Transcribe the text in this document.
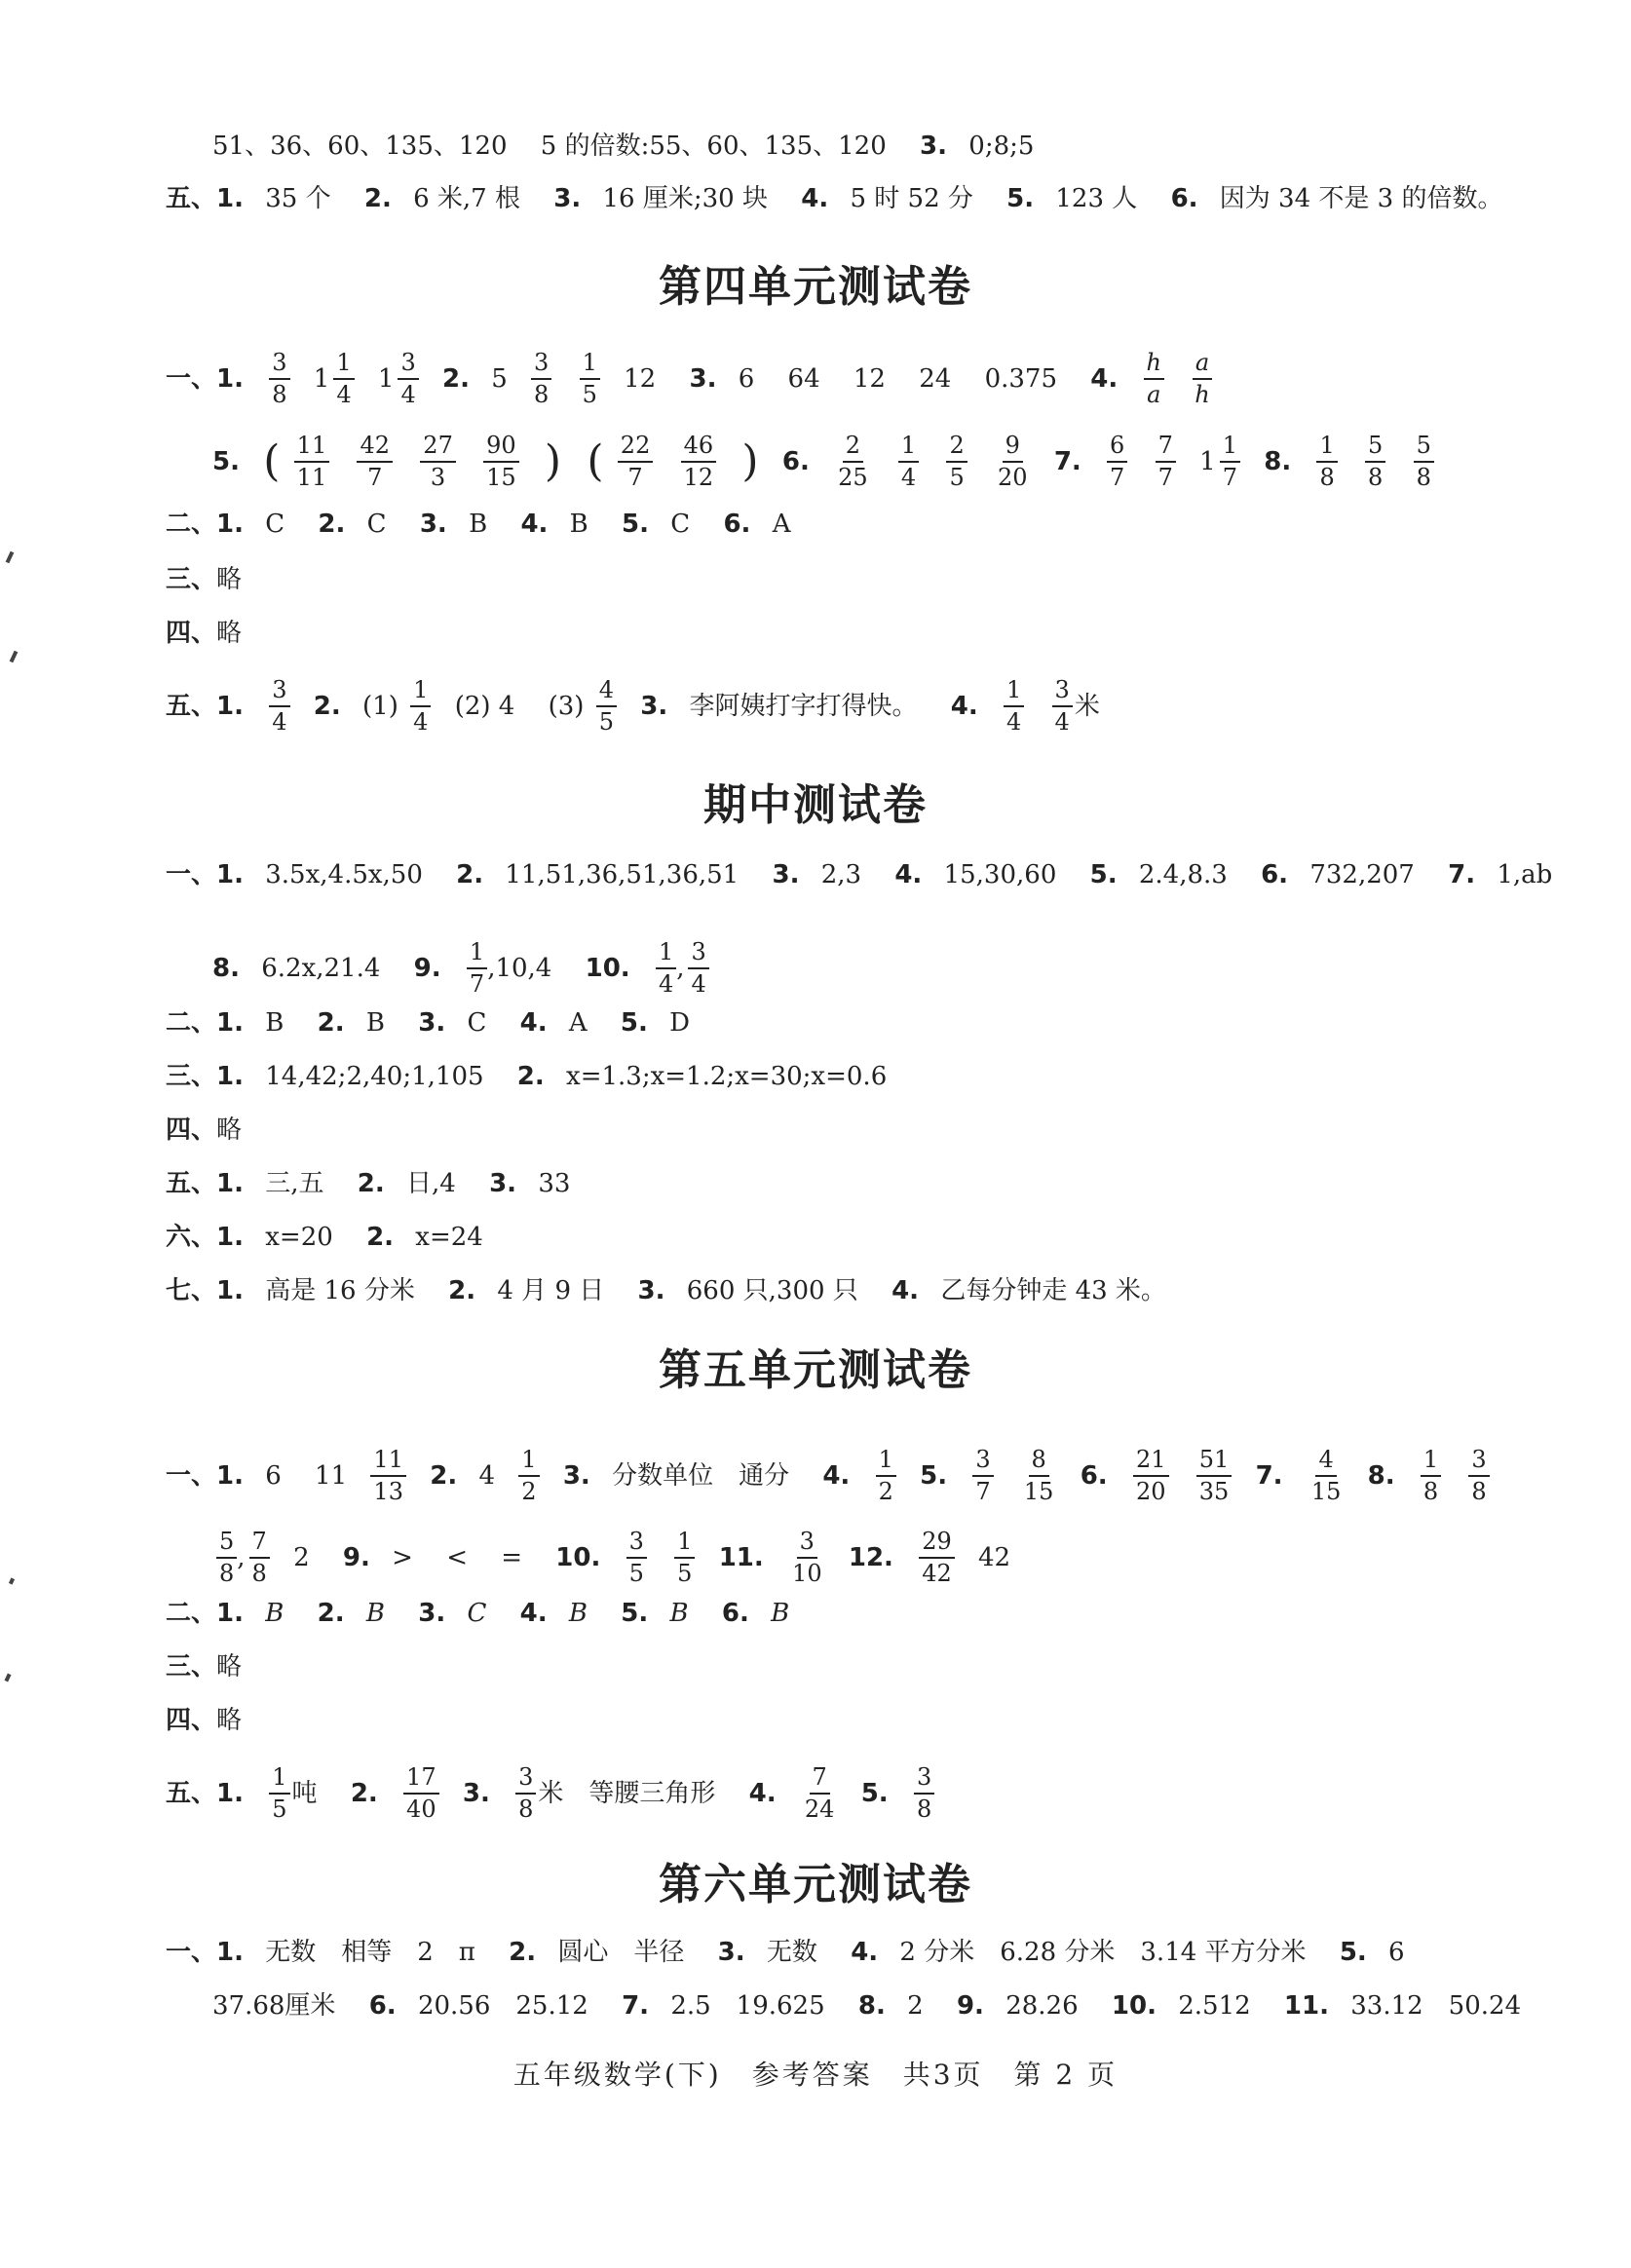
51、36、60、135、120 5 的倍数:55、60、135、120 3. 0;8;5
五、1. 35 个 2. 6 米,7 根 3. 16 厘米;30 块 4. 5 时 52 分 5. 123 人 6. 因为 34 不是 3 的倍数。
第四单元测试卷
一、1. $\frac{3}{8} 1 \frac{1}{4} 1 \frac{3}{4} 2$. $5 \frac{3}{8}$
$\frac{1}{5} 12$ 3. 6　 64　 12　 24　 0.375 4. $\frac{h}{a}$
$\frac{a}{h}$
5. ( $\frac{11}{11}$
$\frac{42}{7}$
$\frac{27}{3}$
$\frac{90}{15}$ ) ( $\frac{22}{7}$
$\frac{46}{12}$ ) 6. $\frac{2}{25}$
$\frac{1}{4}$
$\frac{2}{5}$
$\frac{9}{20} 7$. $\frac{6}{7}$
$\frac{7}{7} 1 \frac{1}{7} 8$. $\frac{1}{8}$
$\frac{5}{8}$
$\frac{5}{8}$
二、1. C 2. C 3. B 4. B 5. C 6. A
三、略
四、略
五、1. $\frac{3}{4} 2$. $(1) \frac{1}{4} (2)$ 4 $(3) \frac{4}{5} 3$. 李阿姨打字打得快。 4. $\frac{1}{4}$
$\frac{3}{4}$ 米
期中测试卷
一、1. 3.5x,4.5x,50 2. 11,51,36,51,36,51 3. 2,3 4. 15,30,60 5. 2.4,8.3 6. 732,207 7. 1,ab
8. 6.2x,21.4 9. $\frac{1}{7} ,10,4$ 10. $\frac{1}{4}$ , $\frac{3}{4}$
二、1. B 2. B 3. C 4. A 5. D
三、1. 14,42;2,40;1,105 2. x=1.3;x=1.2;x=30;x=0.6
四、略
五、1. 三,五 2. 日,4 3. 33
六、1. x=20 2. x=24
七、1. 高是 16 分米 2. 4 月 9 日 3. 660 只,300 只 4. 乙每分钟走 43 米。
第五单元测试卷
一、1. 6　 $11 \frac{11}{13} 2$. $4 \frac{1}{2} 3$. 分数单位　通分 4. $\frac{1}{2} 5$. $\frac{3}{7}$
$\frac{8}{15} 6$. $\frac{21}{20}$
$\frac{51}{35} 7$. $\frac{4}{15} 8$. $\frac{1}{8}$
$\frac{3}{8}$
$\frac{5}{8}$ , $\frac{7}{8} 2$ 9. >　 <　 = 10. $\frac{3}{5}$
$\frac{1}{5} 11$. $\frac{3}{10} 12$. $\frac{29}{42} 42$
二、1. B 2. B 3. C 4. B 5. B 6. B
三、略
四、略
五、1. $\frac{1}{5}$ 吨 2. $\frac{17}{40} 3$. $\frac{3}{8}$ 米　等腰三角形 4. $\frac{7}{24} 5$. $\frac{3}{8}$
第六单元测试卷
一、1. 无数　相等　2　π 2. 圆心　半径 3. 无数 4. 2 分米　6.28 分米　3.14 平方分米 5. 6
37.68厘米 6. 20.56　25.12 7. 2.5　19.625 8. 2 9. 28.26 10. 2.512 11. 33.12　50.24
五年级数学(下)　参考答案　共3页　第 2 页
